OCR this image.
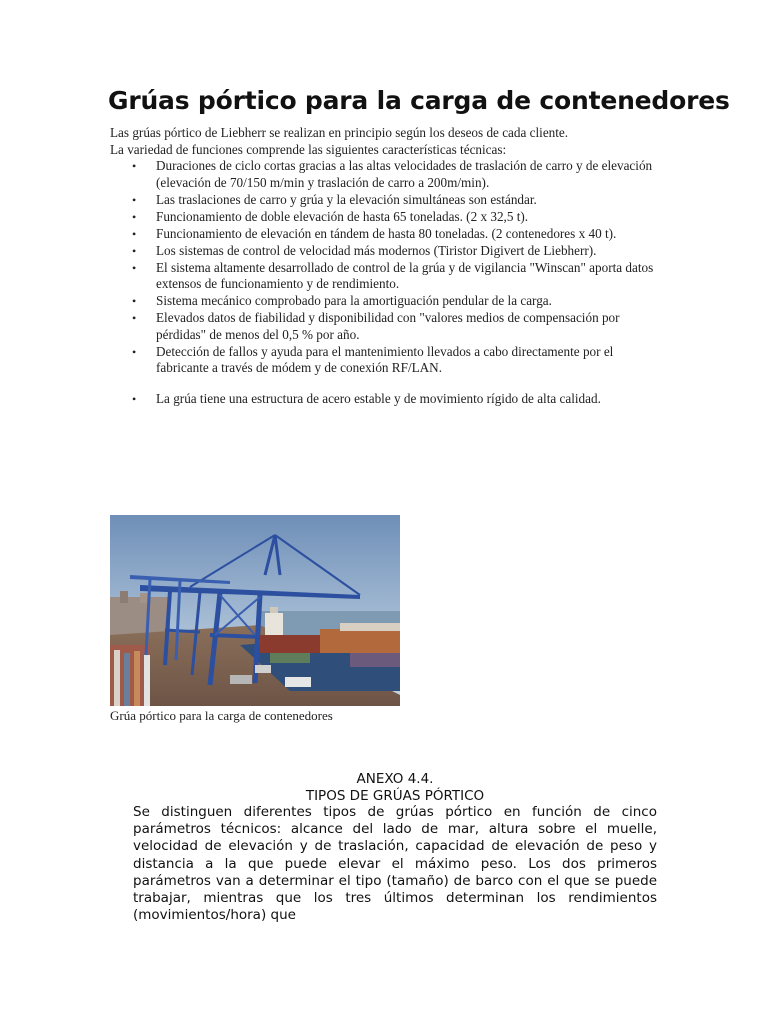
Grúas pórtico para la carga de contenedores
Las grúas pórtico de Liebherr se realizan en principio según los deseos de cada cliente.
La variedad de funciones comprende las siguientes características técnicas:
• Duraciones de ciclo cortas gracias a las altas velocidades de traslación de carro y de elevación (elevación de 70/150 m/min y traslación de carro a 200m/min).
• Las traslaciones de carro y grúa y la elevación simultáneas son estándar.
• Funcionamiento de doble elevación de hasta 65 toneladas. (2 x 32,5 t).
• Funcionamiento de elevación en tándem de hasta 80 toneladas. (2 contenedores x 40 t).
• Los sistemas de control de velocidad más modernos (Tiristor Digivert de Liebherr).
• El sistema altamente desarrollado de control de la grúa y de vigilancia "Winscan" aporta datos extensos de funcionamiento y de rendimiento.
• Sistema mecánico comprobado para la amortiguación pendular de la carga.
• Elevados datos de fiabilidad y disponibilidad con "valores medios de compensación por pérdidas" de menos del 0,5 % por año.
• Detección de fallos y ayuda para el mantenimiento llevados a cabo directamente por el fabricante a través de módem y de conexión RF/LAN.
• La grúa tiene una estructura de acero estable y de movimiento rígido de alta calidad.
Grúa pórtico para la carga de contenedores
ANEXO 4.4.
TIPOS DE GRÚAS PÓRTICO
Se distinguen diferentes tipos de grúas pórtico en función de cinco parámetros técnicos: alcance del lado de mar, altura sobre el muelle, velocidad de elevación y de traslación, capacidad de elevación de peso y distancia a la que puede elevar el máximo peso. Los dos primeros parámetros van a determinar el tipo (tamaño) de barco con el que se puede trabajar, mientras que los tres últimos determinan los rendimientos (movimientos/hora) que
